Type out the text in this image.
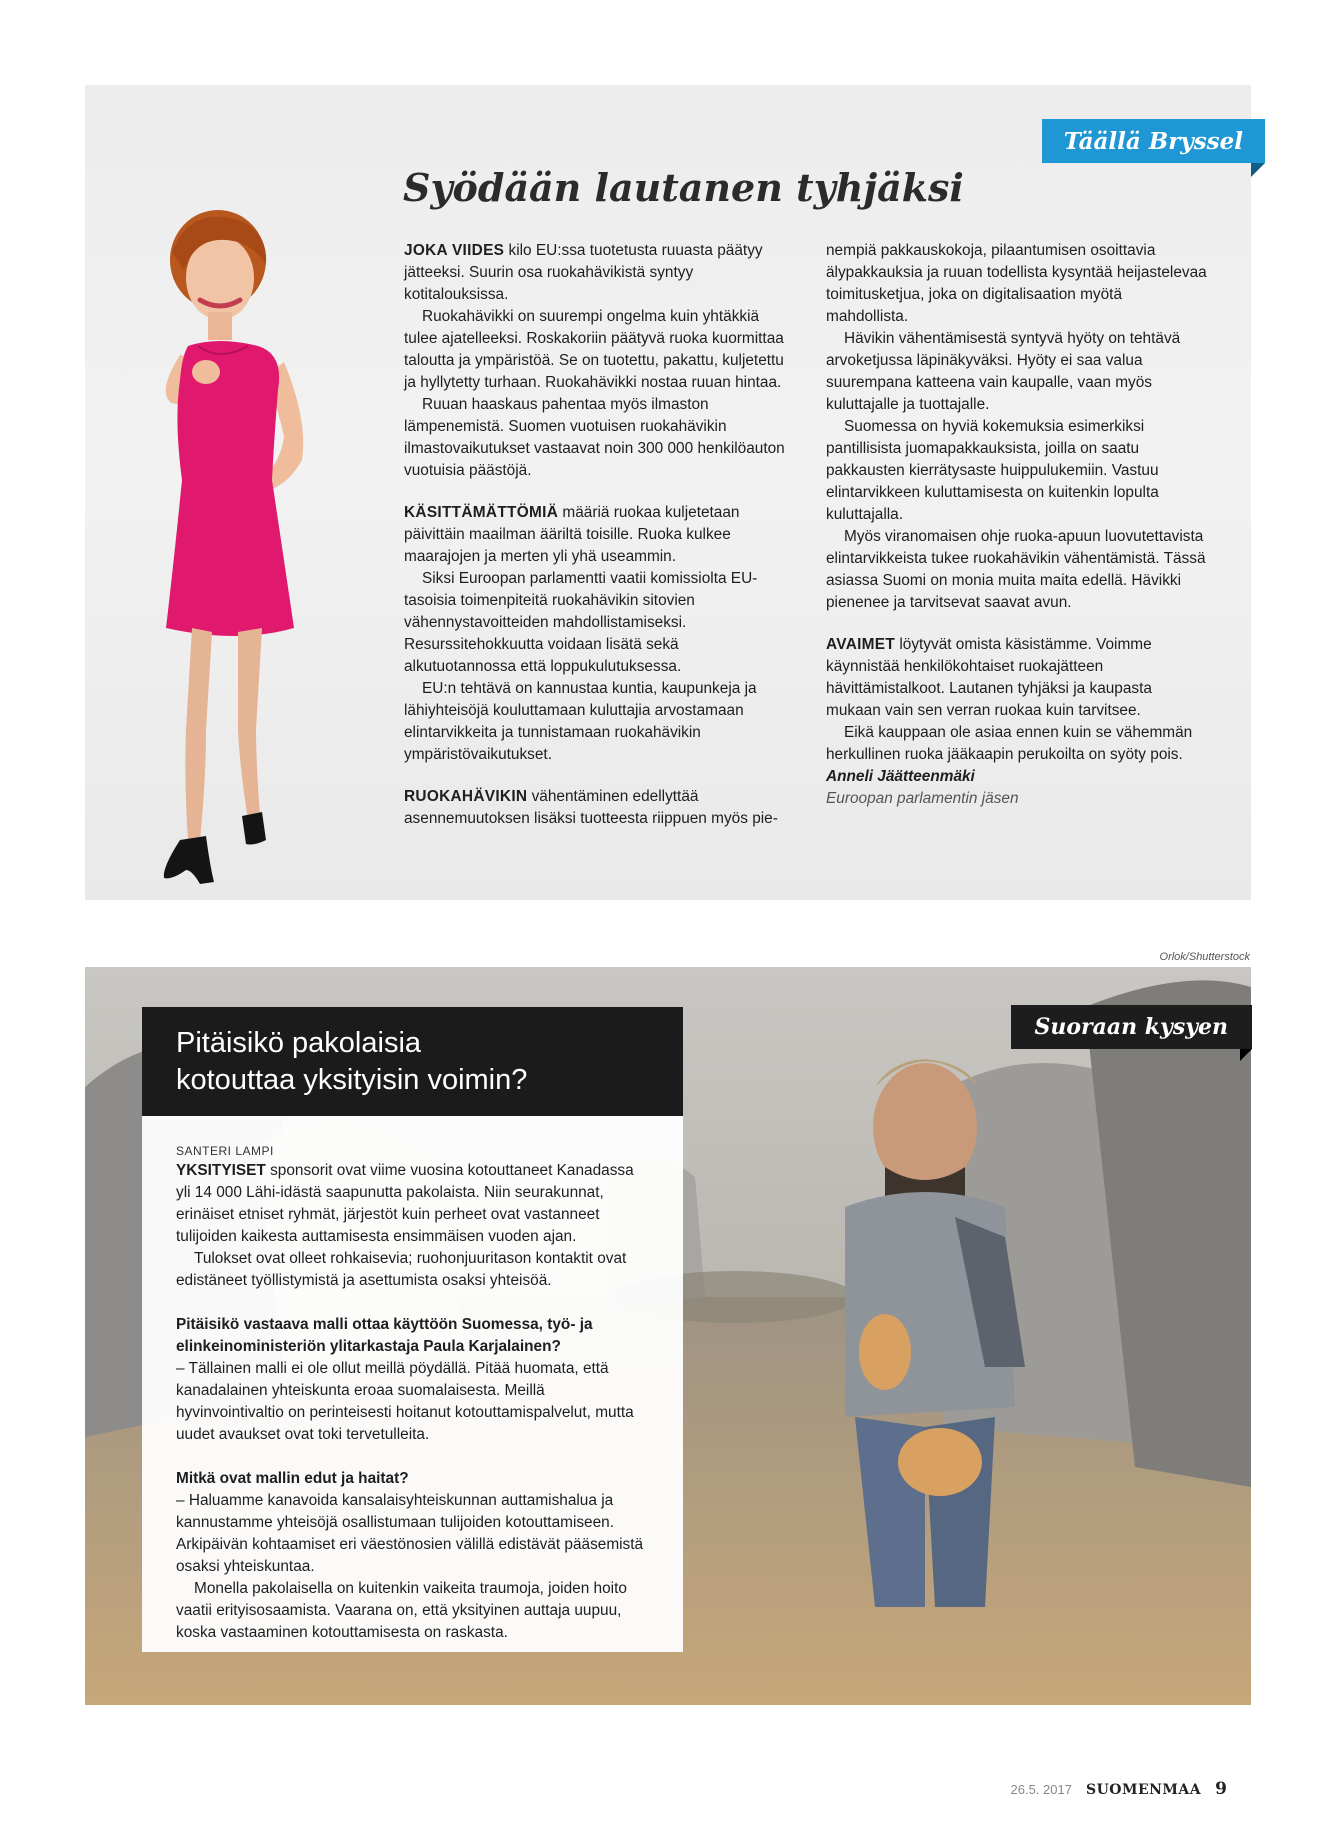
Täällä Bryssel
Syödään lautanen tyhjäksi

JOKA VIIDES kilo EU:ssa tuotetusta ruuasta päätyy jätteeksi. Suurin osa ruokahävikistä syntyy kotitalouksissa.

Ruokahävikki on suurempi ongelma kuin yhtäkkiä tulee ajatelleeksi. Roskakoriin päätyvä ruoka kuormittaa taloutta ja ympäristöä. Se on tuotettu, pakattu, kuljetettu ja hyllytetty turhaan. Ruokahävikki nostaa ruuan hintaa.

Ruuan haaskaus pahentaa myös ilmaston lämpenemistä. Suomen vuotuisen ruokahävikin ilmastovaikutukset vastaavat noin 300 000 henkilöauton vuotuisia päästöjä.

KÄSITTÄMÄTTÖMIÄ määriä ruokaa kuljetetaan päivittäin maailman ääriltä toisille. Ruoka kulkee maarajojen ja merten yli yhä useammin.

Siksi Euroopan parlamentti vaatii komissiolta EU-tasoisia toimenpiteitä ruokahävikin sitovien vähennystavoitteiden mahdollistamiseksi. Resurssitehokkuutta voidaan lisätä sekä alkutuotannossa että loppukulutuksessa.

EU:n tehtävä on kannustaa kuntia, kaupunkeja ja lähiyhteisöjä kouluttamaan kuluttajia arvostamaan elintarvikkeita ja tunnistamaan ruokahävikin ympäristövaikutukset.

RUOKAHÄVIKIN vähentäminen edellyttää asennemuutoksen lisäksi tuotteesta riippuen myös pie-

nempiä pakkauskokoja, pilaantumisen osoittavia älypakkauksia ja ruuan todellista kysyntää heijastelevaa toimitusketjua, joka on digitalisaation myötä mahdollista.

Hävikin vähentämisestä syntyvä hyöty on tehtävä arvoketjussa läpinäkyväksi. Hyöty ei saa valua suurempana katteena vain kaupalle, vaan myös kuluttajalle ja tuottajalle.

Suomessa on hyviä kokemuksia esimerkiksi pantillisista juomapakkauksista, joilla on saatu pakkausten kierrätysaste huippulukemiin. Vastuu elintarvikkeen kuluttamisesta on kuitenkin lopulta kuluttajalla.

Myös viranomaisen ohje ruoka-apuun luovutettavista elintarvikkeista tukee ruokahävikin vähentämistä. Tässä asiassa Suomi on monia muita maita edellä. Hävikki pienenee ja tarvitsevat saavat avun.

AVAIMET löytyvät omista käsistämme. Voimme käynnistää henkilökohtaiset ruokajätteen hävittämistalkoot. Lautanen tyhjäksi ja kaupasta mukaan vain sen verran ruokaa kuin tarvitsee.

Eikä kauppaan ole asiaa ennen kuin se vähemmän herkullinen ruoka jääkaapin perukoilta on syöty pois.

Anneli Jäätteenmäki

Euroopan parlamentin jäsen

Orlok/Shutterstock
Suoraan kysyen
Pitäisikö pakolaisia
kotouttaa yksityisin voimin?

SANTERI LAMPI

YKSITYISET sponsorit ovat viime vuosina kotouttaneet Kanadassa yli 14 000 Lähi-idästä saapunutta pakolaista. Niin seurakunnat, erinäiset etniset ryhmät, järjestöt kuin perheet ovat vastanneet tulijoiden kaikesta auttamisesta ensimmäisen vuoden ajan.

Tulokset ovat olleet rohkaisevia; ruohonjuuritason kontaktit ovat edistäneet työllistymistä ja asettumista osaksi yhteisöä.

Pitäisikö vastaava malli ottaa käyttöön Suomessa, työ- ja elinkeinoministeriön ylitarkastaja Paula Karjalainen?

– Tällainen malli ei ole ollut meillä pöydällä. Pitää huomata, että kanadalainen yhteiskunta eroaa suomalaisesta. Meillä hyvinvointivaltio on perinteisesti hoitanut kotouttamispalvelut, mutta uudet avaukset ovat toki tervetulleita.

Mitkä ovat mallin edut ja haitat?

– Haluamme kanavoida kansalaisyhteiskunnan auttamishalua ja kannustamme yhteisöjä osallistumaan tulijoiden kotouttamiseen. Arkipäivän kohtaamiset eri väestönosien välillä edistävät pääsemistä osaksi yhteiskuntaa.

Monella pakolaisella on kuitenkin vaikeita traumoja, joiden hoito vaatii erityisosaamista. Vaarana on, että yksityinen auttaja uupuu, koska vastaaminen kotouttamisesta on raskasta.

26.5. 2017 SUOMENMAA 9
